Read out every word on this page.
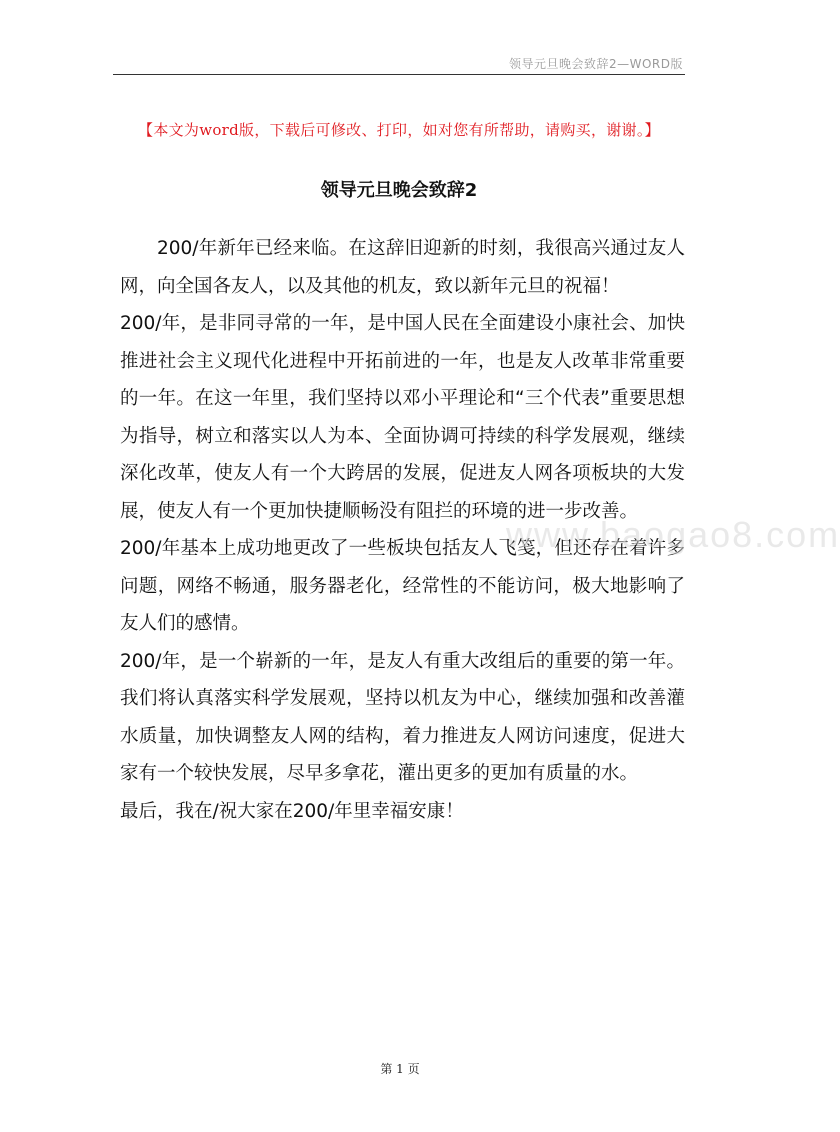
领导元旦晚会致辞2—WORD版
【本文为word版，下载后可修改、打印，如对您有所帮助，请购买，谢谢。】
领导元旦晚会致辞2

200/年新年已经来临。在这辞旧迎新的时刻，我很高兴通过友人网，向全国各友人，以及其他的机友，致以新年元旦的祝福！

200/年，是非同寻常的一年，是中国人民在全面建设小康社会、加快推进社会主义现代化进程中开拓前进的一年，也是友人改革非常重要的一年。在这一年里，我们坚持以邓小平理论和“三个代表”重要思想为指导，树立和落实以人为本、全面协调可持续的科学发展观，继续深化改革，使友人有一个大跨居的发展，促进友人网各项板块的大发展，使友人有一个更加快捷顺畅没有阻拦的环境的进一步改善。

200/年基本上成功地更改了一些板块包括友人飞笺，但还存在着许多问题，网络不畅通，服务器老化，经常性的不能访问，极大地影响了友人们的感情。

200/年，是一个崭新的一年，是友人有重大改组后的重要的第一年。我们将认真落实科学发展观，坚持以机友为中心，继续加强和改善灌水质量，加快调整友人网的结构，着力推进友人网访问速度，促进大家有一个较快发展，尽早多拿花，灌出更多的更加有质量的水。

最后，我在/祝大家在200/年里幸福安康！

www.baogao8.com
第 1 页
